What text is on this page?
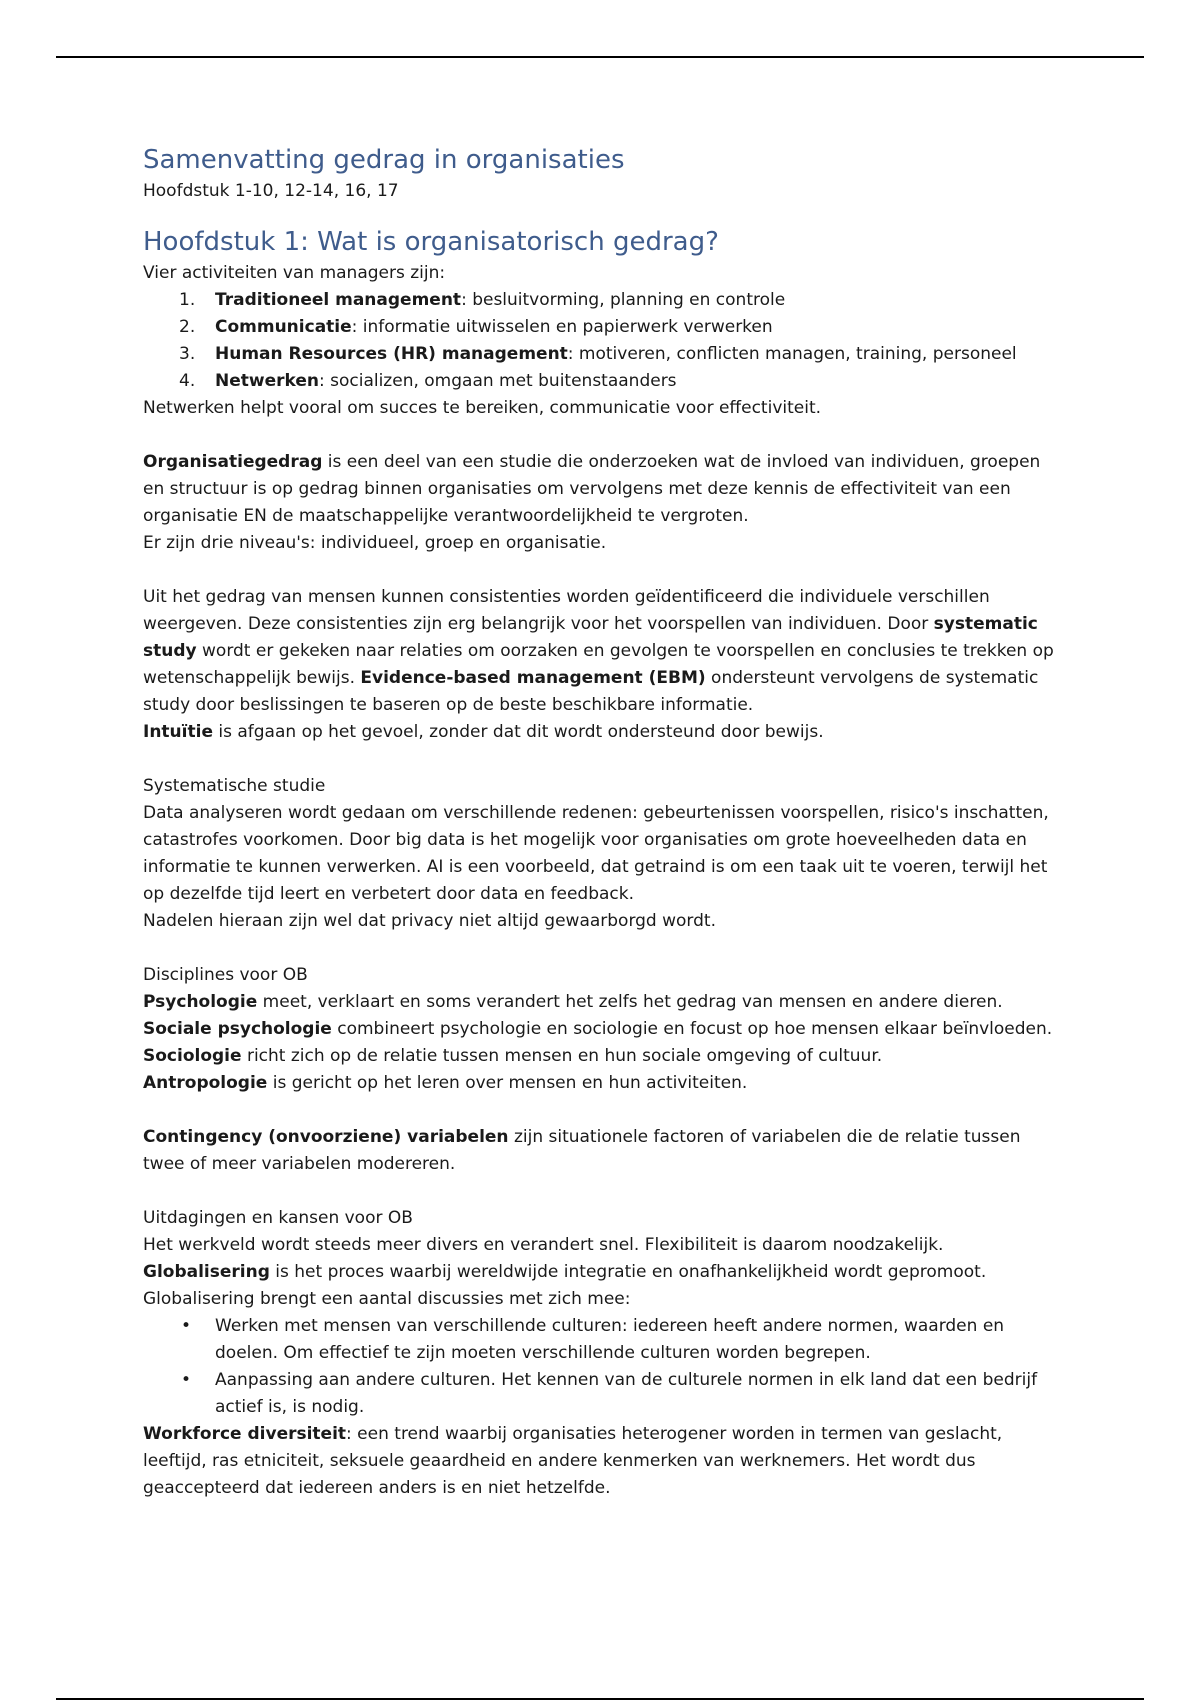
Samenvatting gedrag in organisaties
Hoofdstuk 1-10, 12-14, 16, 17
Hoofdstuk 1: Wat is organisatorisch gedrag?

Vier activiteiten van managers zijn:

1.	Traditioneel management: besluitvorming, planning en controle
2.	Communicatie: informatie uitwisselen en papierwerk verwerken
3.	Human Resources (HR) management: motiveren, conflicten managen, training, personeel
4.	Netwerken: socializen, omgaan met buitenstaanders

Netwerken helpt vooral om succes te bereiken, communicatie voor effectiviteit.

Organisatiegedrag is een deel van een studie die onderzoeken wat de invloed van individuen, groepen en structuur is op gedrag binnen organisaties om vervolgens met deze kennis de effectiviteit van een organisatie EN de maatschappelijke verantwoordelijkheid te vergroten.

Er zijn drie niveau's: individueel, groep en organisatie.

Uit het gedrag van mensen kunnen consistenties worden geïdentificeerd die individuele verschillen weergeven. Deze consistenties zijn erg belangrijk voor het voorspellen van individuen. Door systematic study wordt er gekeken naar relaties om oorzaken en gevolgen te voorspellen en conclusies te trekken op wetenschappelijk bewijs. Evidence-based management (EBM) ondersteunt vervolgens de systematic study door beslissingen te baseren op de beste beschikbare informatie.

Intuïtie is afgaan op het gevoel, zonder dat dit wordt ondersteund door bewijs.

Systematische studie

Data analyseren wordt gedaan om verschillende redenen: gebeurtenissen voorspellen, risico's inschatten, catastrofes voorkomen. Door big data is het mogelijk voor organisaties om grote hoeveelheden data en informatie te kunnen verwerken. AI is een voorbeeld, dat getraind is om een taak uit te voeren, terwijl het op dezelfde tijd leert en verbetert door data en feedback.

Nadelen hieraan zijn wel dat privacy niet altijd gewaarborgd wordt.

Disciplines voor OB

Psychologie meet, verklaart en soms verandert het zelfs het gedrag van mensen en andere dieren.

Sociale psychologie combineert psychologie en sociologie en focust op hoe mensen elkaar beïnvloeden.

Sociologie richt zich op de relatie tussen mensen en hun sociale omgeving of cultuur.

Antropologie is gericht op het leren over mensen en hun activiteiten.

Contingency (onvoorziene) variabelen zijn situationele factoren of variabelen die de relatie tussen twee of meer variabelen modereren.

Uitdagingen en kansen voor OB

Het werkveld wordt steeds meer divers en verandert snel. Flexibiliteit is daarom noodzakelijk.

Globalisering is het proces waarbij wereldwijde integratie en onafhankelijkheid wordt gepromoot.

Globalisering brengt een aantal discussies met zich mee:

• Werken met mensen van verschillende culturen: iedereen heeft andere normen, waarden en doelen. Om effectief te zijn moeten verschillende culturen worden begrepen.
• Aanpassing aan andere culturen. Het kennen van de culturele normen in elk land dat een bedrijf actief is, is nodig.

Workforce diversiteit: een trend waarbij organisaties heterogener worden in termen van geslacht, leeftijd, ras etniciteit, seksuele geaardheid en andere kenmerken van werknemers. Het wordt dus geaccepteerd dat iedereen anders is en niet hetzelfde.
